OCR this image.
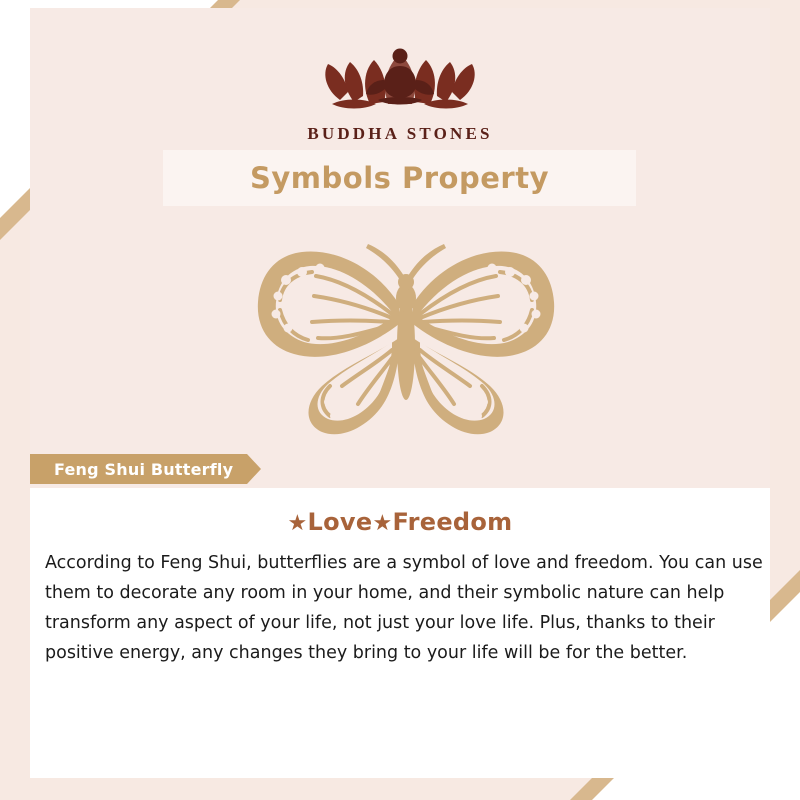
BUDDHA STONES
Symbols Property
Feng Shui Butterfly
★Love★Freedom
According to Feng Shui, butterflies are a symbol of love and freedom. You can use them to decorate any room in your home, and their symbolic nature can help transform any aspect of your life, not just your love life. Plus, thanks to their positive energy, any changes they bring to your life will be for the better.
